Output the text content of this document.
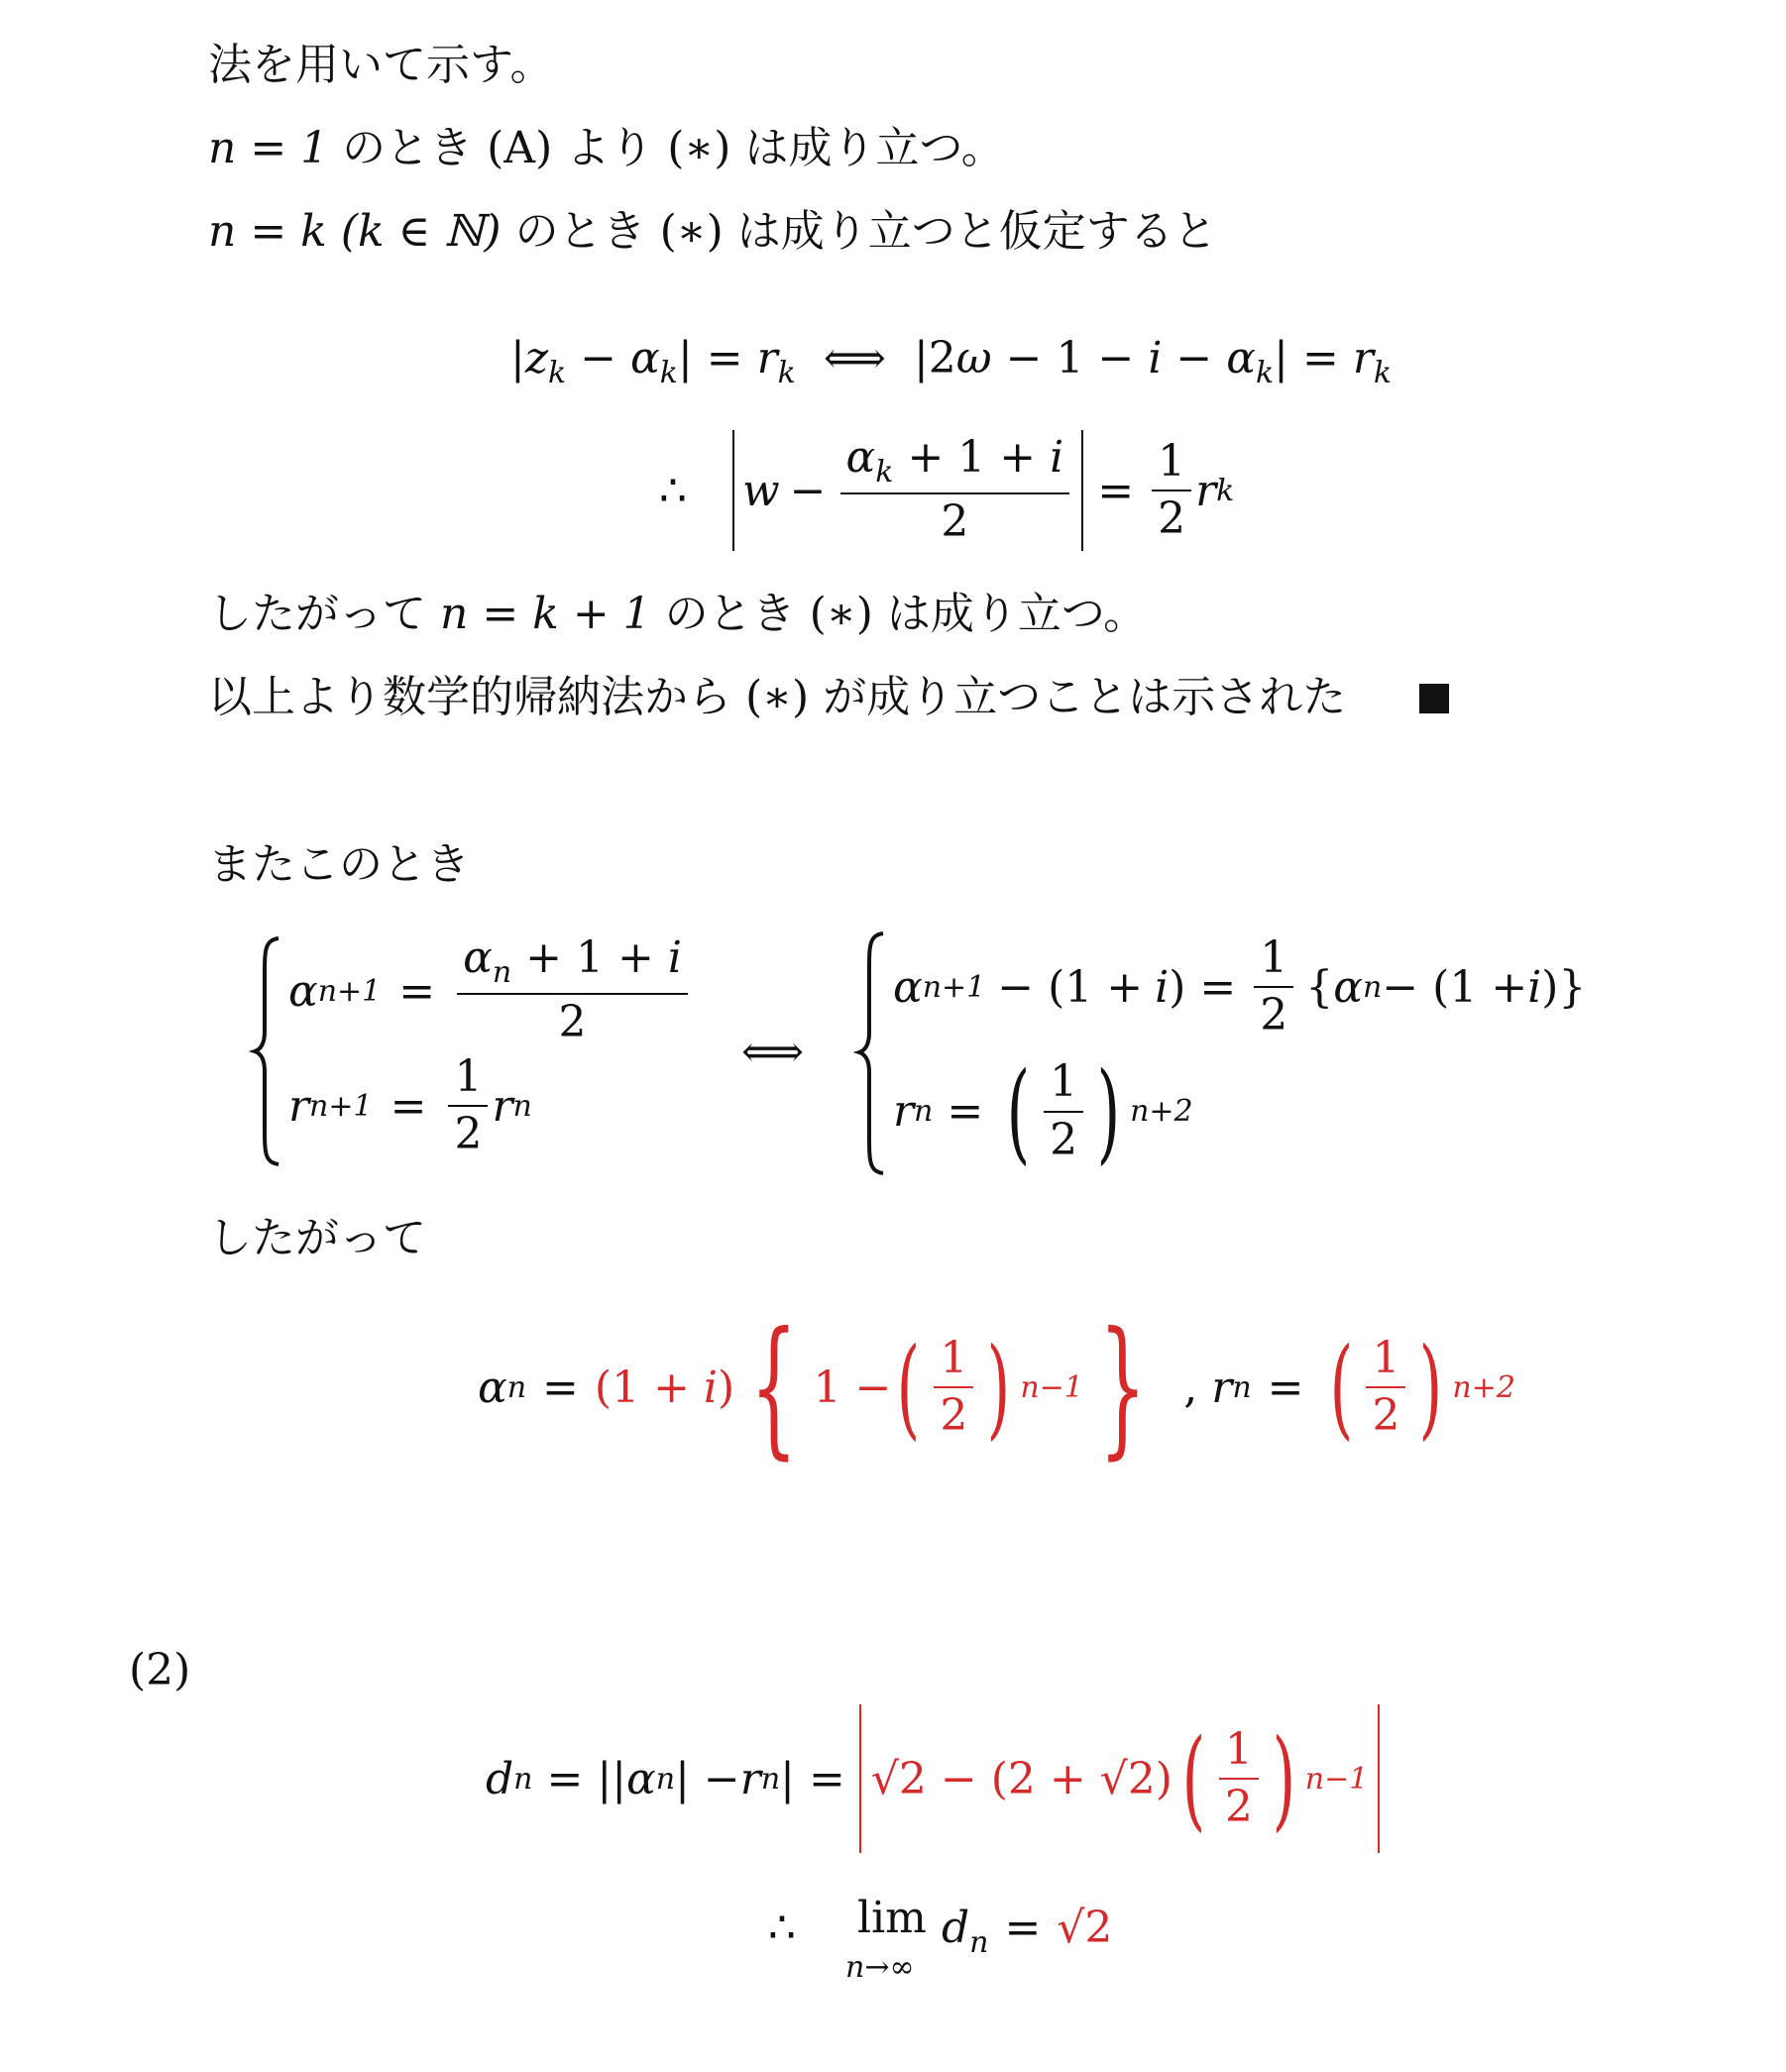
法を用いて示す。
n = 1 のとき (A) より (∗) は成り立つ。
n = k (k ∈ ℕ) のとき (∗) は成り立つと仮定すると
$|z_k - \alpha_k| = r_k$ ⟺ $|2\omega - 1 - i - \alpha_k| = r_k$
∴ $w - \frac{\alpha_k + 1 + i}{2} = \frac{1}{2}$ r k
したがって n = k + 1 のとき (∗) は成り立つ。
以上より数学的帰納法から (∗) が成り立つことは示された
またこのとき
α $n+1 = \frac{\alpha_n + 1 + i}{2}$
r $n+1 = \frac{1}{2}$ r n
⟺
α n+1 − (1 + i ) = $\frac{1}{2}$ { α n − (1 + i )}
r n = ( $\frac{1}{2}$ ) n+2
したがって
α n = (1 + i) { 1 − ( $\frac{1}{2}$ ) n−1 } , r n = ( $\frac{1}{2}$ ) n+2
(2)
d n = || α n | − r n | = √2 − (2 + √2) ( $\frac{1}{2}$ ) n−1
∴ lim
n→∞
$d_n = √2$
